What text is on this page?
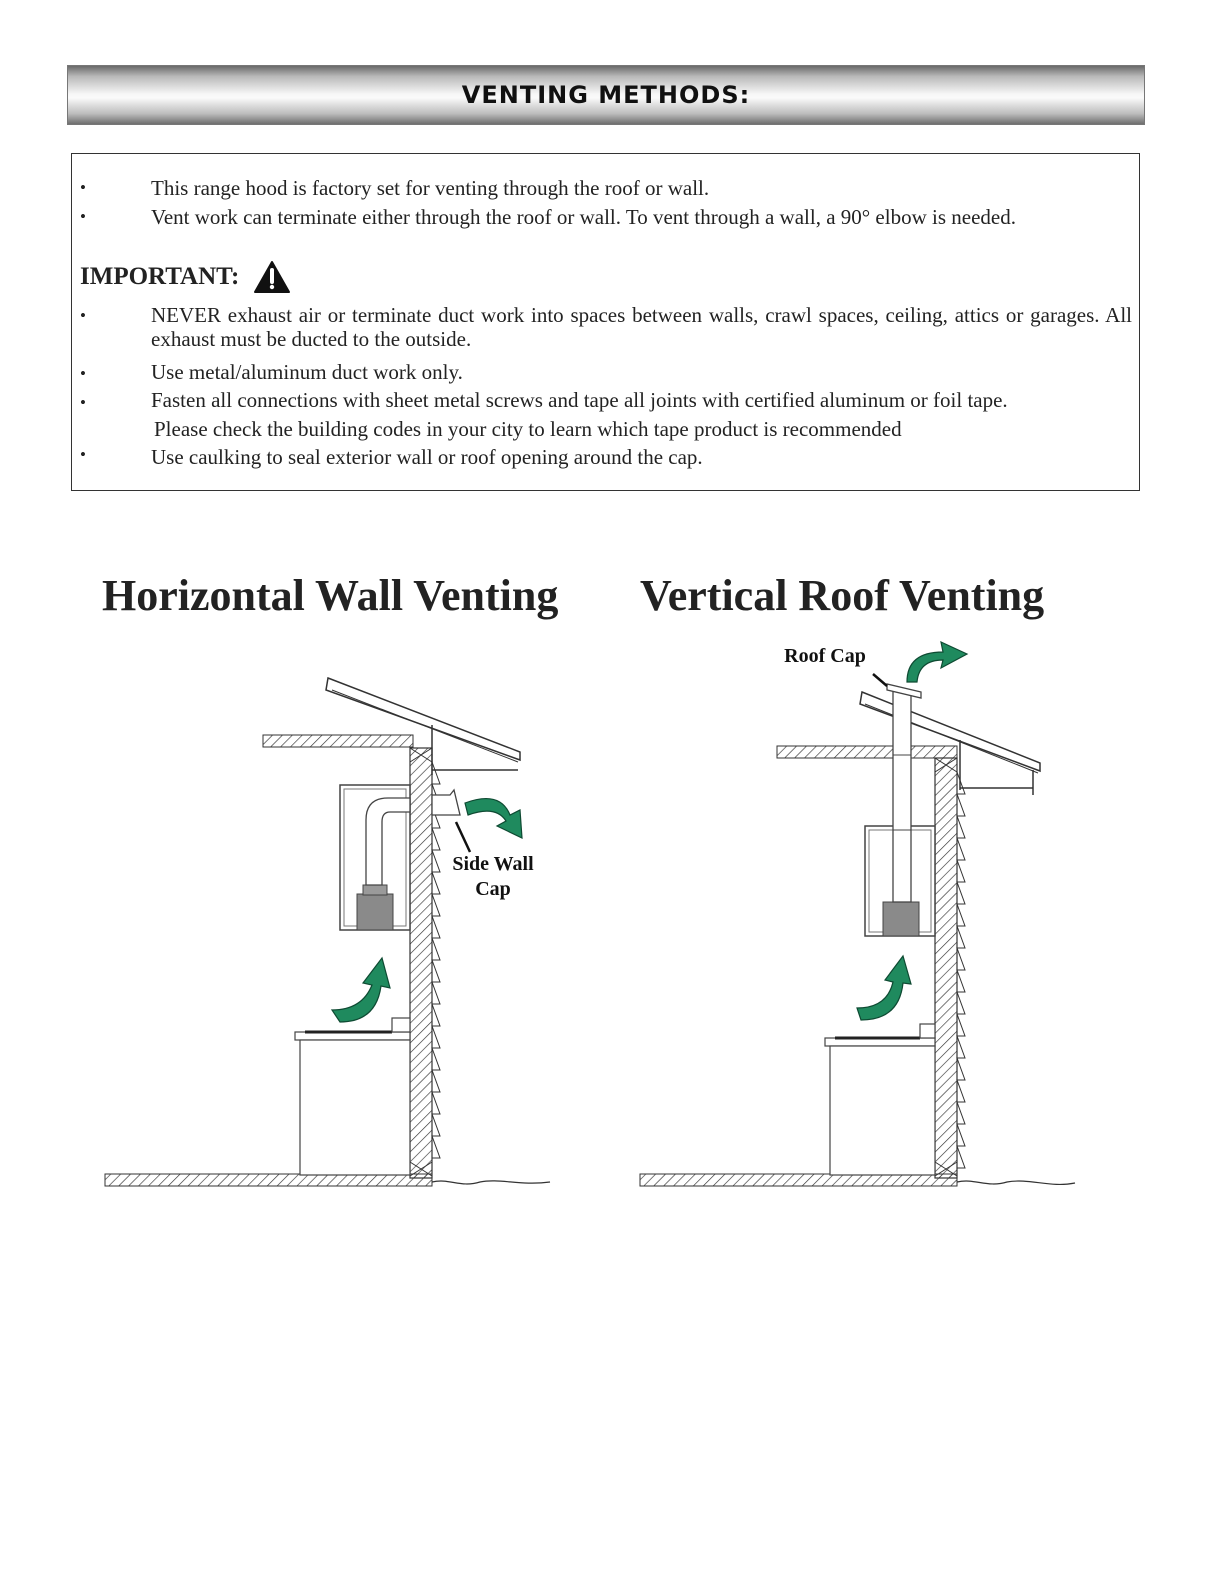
VENTING METHODS:
•	This range hood is factory set for venting through the roof or wall.
•	Vent work can terminate either through the roof or wall. To vent through a wall, a 90° elbow is needed.
IMPORTANT:
•	NEVER exhaust air or terminate duct work into spaces between walls, crawl spaces, ceiling, attics or garages. All exhaust must be ducted to the outside.
•	Use metal/aluminum duct work only.
•	Fasten all connections with sheet metal screws and tape all joints with certified aluminum or foil tape.
Please check the building codes in your city to learn which tape product is recommended
•	Use caulking to seal exterior wall or roof opening around the cap.
Horizontal Wall Venting Vertical Roof Venting
Side Wall
Cap
Roof Cap
